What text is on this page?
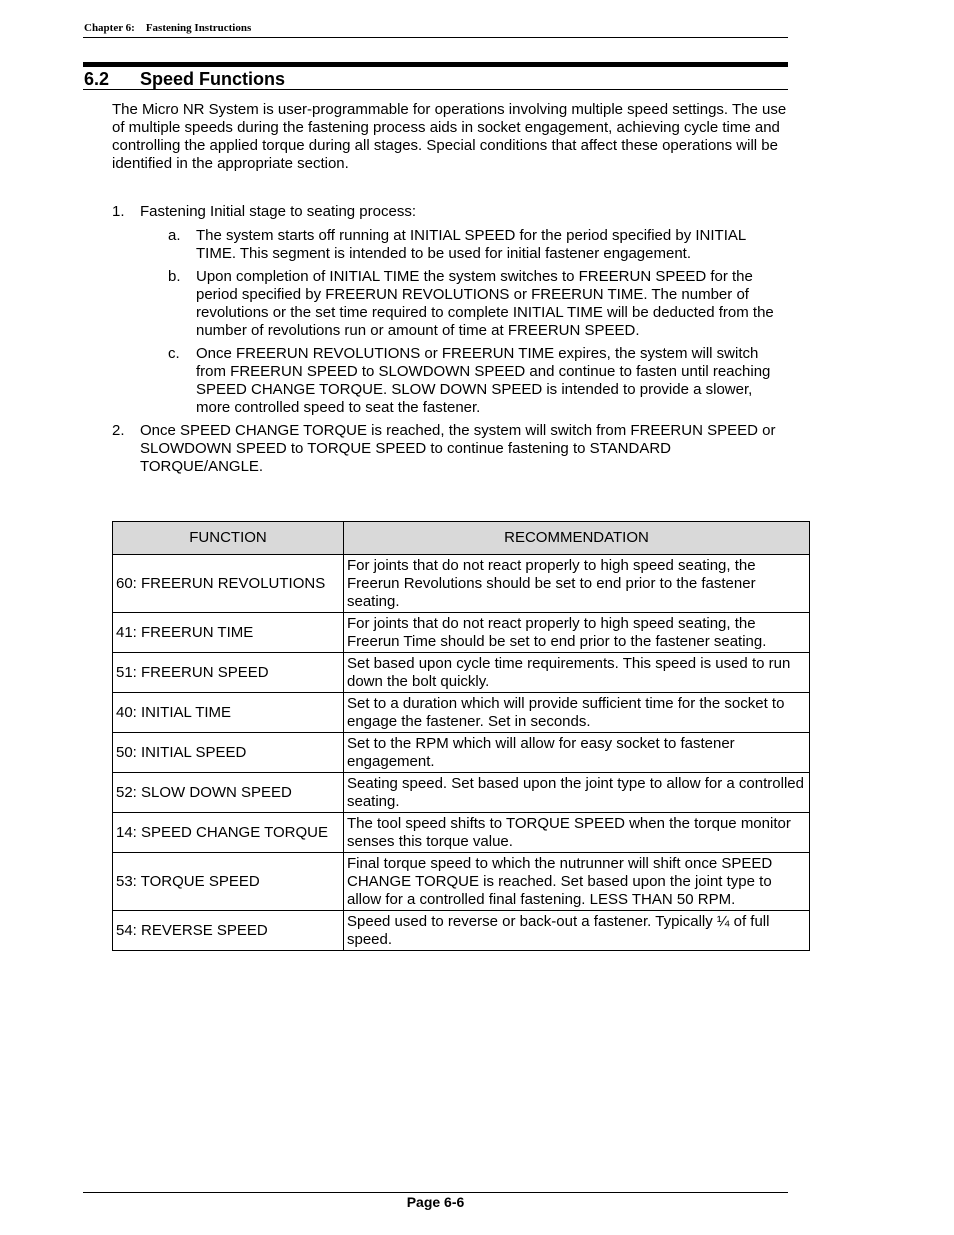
Chapter 6:    Fastening Instructions
6.2 Speed Functions

The Micro NR System is user-programmable for operations involving multiple speed settings. The use of multiple speeds during the fastening process aids in socket engagement, achieving cycle time and controlling the applied torque during all stages. Special conditions that affect these operations will be identified in the appropriate section.

1. Fastening Initial stage to seating process:
a. The system starts off running at INITIAL SPEED for the period specified by INITIAL TIME. This segment is intended to be used for initial fastener engagement.
b. Upon completion of INITIAL TIME the system switches to FREERUN SPEED for the period specified by FREERUN REVOLUTIONS or FREERUN TIME. The number of revolutions or the set time required to complete INITIAL TIME will be deducted from the number of revolutions run or amount of time at FREERUN SPEED.
c. Once FREERUN REVOLUTIONS or FREERUN TIME expires, the system will switch from FREERUN SPEED to SLOWDOWN SPEED and continue to fasten until reaching SPEED CHANGE TORQUE. SLOW DOWN SPEED is intended to provide a slower, more controlled speed to seat the fastener.
2. Once SPEED CHANGE TORQUE is reached, the system will switch from FREERUN SPEED or SLOWDOWN SPEED to TORQUE SPEED to continue fastening to STANDARD TORQUE/ANGLE.
FUNCTION	RECOMMENDATION
60: FREERUN REVOLUTIONS	For joints that do not react properly to high speed seating, the Freerun Revolutions should be set to end prior to the fastener seating.
41: FREERUN TIME	For joints that do not react properly to high speed seating, the Freerun Time should be set to end prior to the fastener seating.
51: FREERUN SPEED	Set based upon cycle time requirements. This speed is used to run down the bolt quickly.
40: INITIAL TIME	Set to a duration which will provide sufficient time for the socket to engage the fastener. Set in seconds.
50: INITIAL SPEED	Set to the RPM which will allow for easy socket to fastener engagement.
52: SLOW DOWN SPEED	Seating speed. Set based upon the joint type to allow for a controlled seating.
14: SPEED CHANGE TORQUE	The tool speed shifts to TORQUE SPEED when the torque monitor senses this torque value.
53: TORQUE SPEED	Final torque speed to which the nutrunner will shift once SPEED CHANGE TORQUE is reached. Set based upon the joint type to allow for a controlled final fastening. LESS THAN 50 RPM.
54: REVERSE SPEED	Speed used to reverse or back-out a fastener. Typically ¼ of full speed.
Page 6-6
